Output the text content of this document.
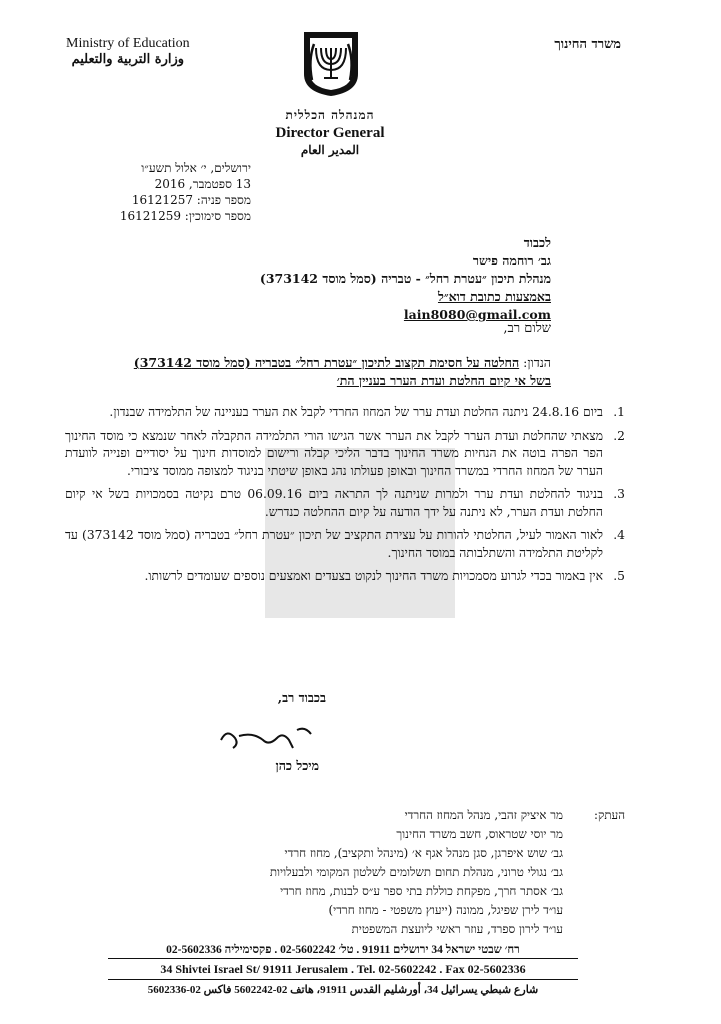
Ministry of Education
وزارة التربية والتعليم
משרד החינוך
המנהלה הכללית
Director General
المدير العام
ירושלים, י׳ אלול תשע״ו
13 ספטמבר, 2016
מספר פניה: 16121257
מספר סימוכין: 16121259
לכבוד
גב׳ רוחמה פישר
מנהלת תיכון ״עטרת רחל״ - טבריה (סמל מוסד 373142)
באמצעות כתובת דוא״ל
lain8080@gmail.com
שלום רב,
הנדון: החלטה על חסימת תקצוב לתיכון ״עטרת רחל״ בטבריה (סמל מוסד 373142)
בשל אי קיום החלטת ועדת הערר בעניין הת׳
1.
ביום 24.8.16 ניתנה החלטת ועדת ערר של המחוז החרדי לקבל את הערר בעניינה של התלמידה שבנדון.
2.
מצאתי שהחלטת ועדת הערר לקבל את הערר אשר הגישו הורי התלמידה התקבלה לאחר שנמצא כי מוסד החינוך הפר הפרה בוטה את הנחיות משרד החינוך בדבר הליכי קבלה ורישום למוסדות חינוך על יסודיים ופנייה לוועדת הערר של המחוז החרדי במשרד החינוך ובאופן פעולתו נהג באופן שיטתי בניגוד למצופה ממוסד ציבורי.
3.
בניגוד להחלטת ועדת ערר ולמרות שניתנה לך התראה ביום 06.09.16 טרם נקיטה בסמכויות בשל אי קיום החלטת ועדת הערר, לא ניתנה על ידך הודעה על קיום ההחלטה כנדרש.
4.
לאור האמור לעיל, החלטתי להורות על עצירת התקציב של תיכון ״עטרת רחל״ בטבריה (סמל מוסד 373142) עד לקליטת התלמידה והשתלבותה במוסד החינוך.
5.
אין באמור בכדי לגרוע מסמכויות משרד החינוך לנקוט בצעדים ואמצעים נוספים שעומדים לרשותו.
בכבוד רב,
מיכל כהן
העתק:
מר איציק זהבי, מנהל המחוז החרדי
מר יוסי שטראוס, חשב משרד החינוך
גב׳ שוש איפרגן, סגן מנהל אגף א׳ (מינהל ותקציב), מחוז חרדי
גב׳ נגולי טרוני, מנהלת תחום תשלומים לשלטון המקומי ולבעלויות
גב׳ אסתר חרך, מפקחת כוללת בתי ספר ע״ס לבנות, מחוז חרדי
עו״ד לירן שפיגל, ממונה (ייעוץ משפטי - מחוז חרדי)
עו״ד לירון ספרד, עוזר ראשי ליועצת המשפטית
רח׳ שבטי ישראל 34 ירושלים 91911 . טל׳ 02-5602242 . פקסימיליה 02-5602336
34 Shivtei Israel St/ 91911 Jerusalem . Tel. 02-5602242 . Fax 02-5602336
شارع شبطي يسرائيل 34، أورشليم القدس 91911، هاتف 02-5602242 فاكس 02-5602336
